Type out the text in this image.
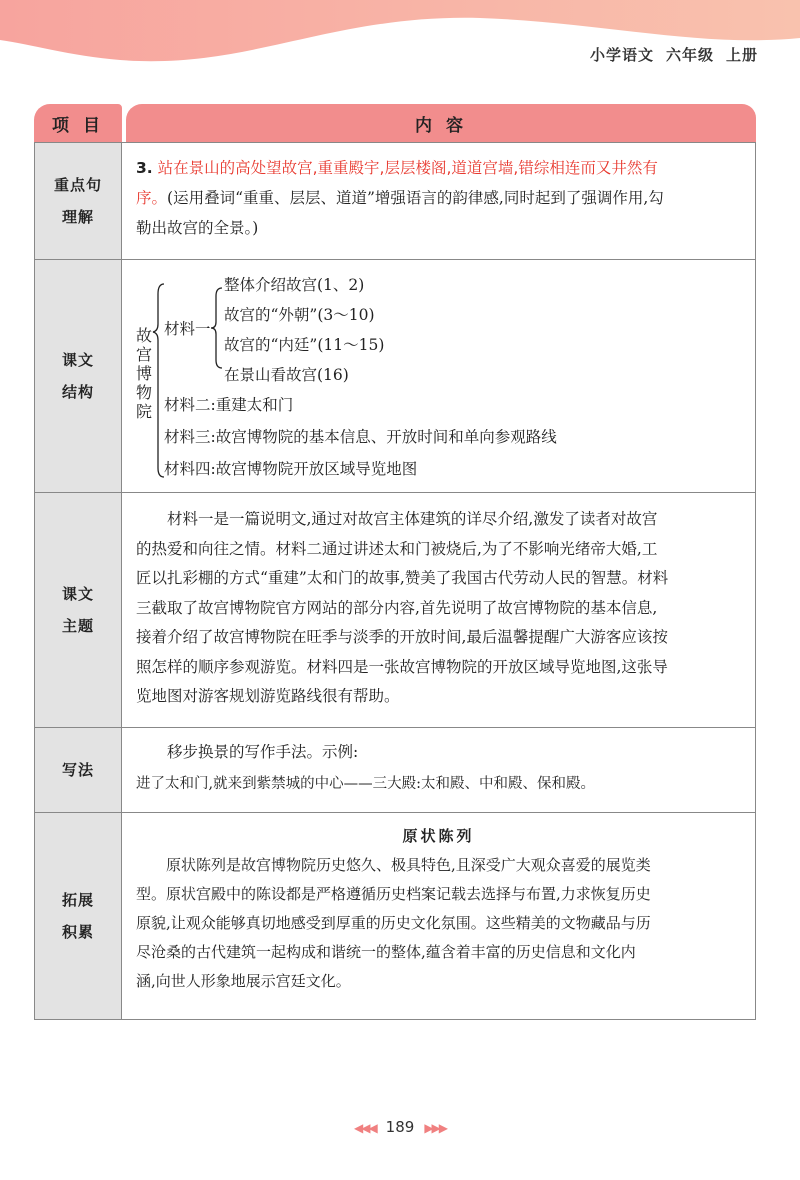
小学语文 六年级 上册
项 目	内 容
重点句
理解
3. 站在景山的高处望故宫,重重殿宇,层层楼阁,道道宫墙,错综相连而又井然有
序。(运用叠词“重重、层层、道道”增强语言的韵律感,同时起到了强调作用,勾
勒出故宫的全景。)
课文
结构
故
宫
博
物
院
材料一
整体介绍故宫(1、2)
故宫的“外朝”(3～10)
故宫的“内廷”(11～15)
在景山看故宫(16)
材料二:重建太和门
材料三:故宫博物院的基本信息、开放时间和单向参观路线
材料四:故宫博物院开放区域导览地图
课文
主题
材料一是一篇说明文,通过对故宫主体建筑的详尽介绍,激发了读者对故宫
的热爱和向往之情。材料二通过讲述太和门被烧后,为了不影响光绪帝大婚,工
匠以扎彩棚的方式“重建”太和门的故事,赞美了我国古代劳动人民的智慧。材料
三截取了故宫博物院官方网站的部分内容,首先说明了故宫博物院的基本信息,
接着介绍了故宫博物院在旺季与淡季的开放时间,最后温馨提醒广大游客应该按
照怎样的顺序参观游览。材料四是一张故宫博物院的开放区域导览地图,这张导
览地图对游客规划游览路线很有帮助。
写法
移步换景的写作手法。示例:
进了太和门,就来到紫禁城的中心——三大殿:太和殿、中和殿、保和殿。
拓展
积累
原状陈列
原状陈列是故宫博物院历史悠久、极具特色,且深受广大观众喜爱的展览类
型。原状宫殿中的陈设都是严格遵循历史档案记载去选择与布置,力求恢复历史
原貌,让观众能够真切地感受到厚重的历史文化氛围。这些精美的文物藏品与历
尽沧桑的古代建筑一起构成和谐统一的整体,蕴含着丰富的历史信息和文化内
涵,向世人形象地展示宫廷文化。
◀◀◀ 189 ▶▶▶
